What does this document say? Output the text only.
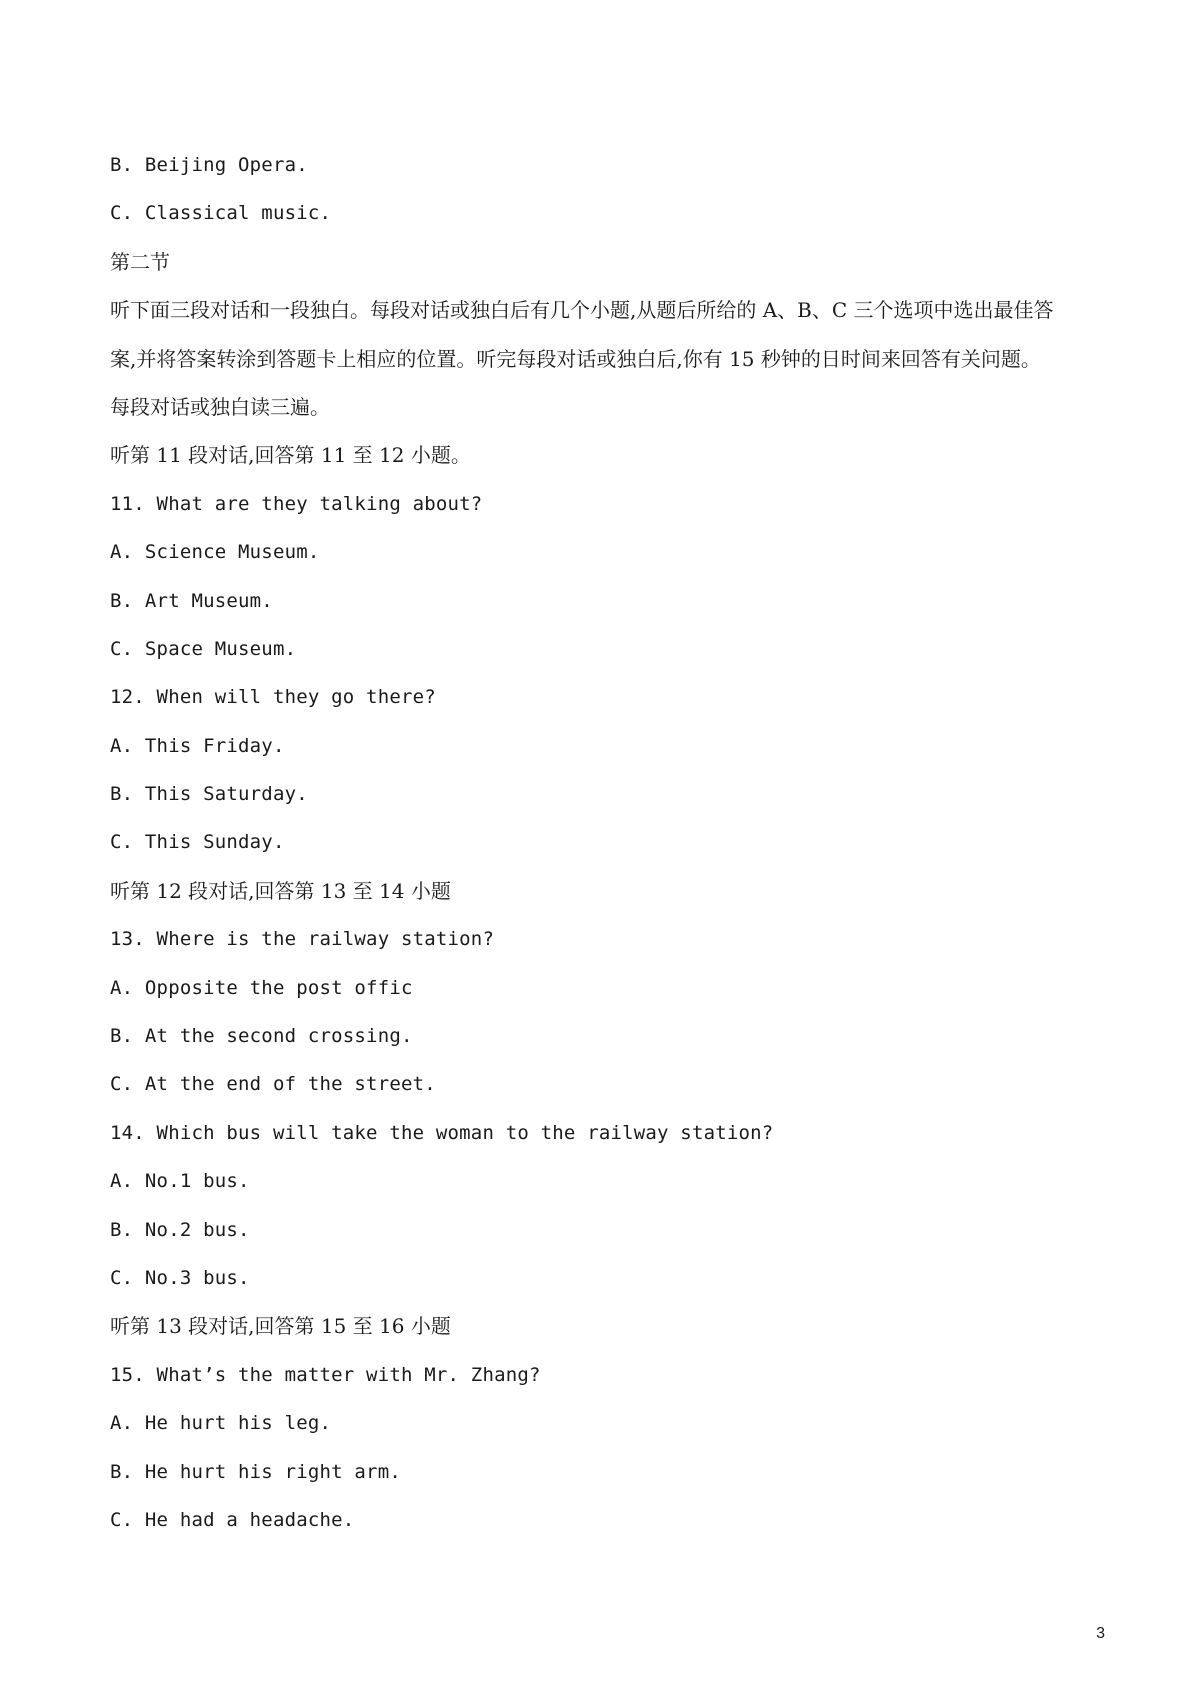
B. Beijing Opera.
C. Classical music.
第二节
听下面三段对话和一段独白。每段对话或独白后有几个小题,从题后所给的 A、B、C 三个选项中选出最佳答
案,并将答案转涂到答题卡上相应的位置。听完每段对话或独白后,你有 15 秒钟的日时间来回答有关问题。
每段对话或独白读三遍。
听第 11 段对话,回答第 11 至 12 小题。
11. What are they talking about?
A. Science Museum.
B. Art Museum.
C. Space Museum.
12. When will they go there?
A. This Friday.
B. This Saturday.
C. This Sunday.
听第 12 段对话,回答第 13 至 14 小题
13. Where is the railway station?
A. Opposite the post offic
B. At the second crossing.
C. At the end of the street.
14. Which bus will take the woman to the railway station?
A. No.1 bus.
B. No.2 bus.
C. No.3 bus.
听第 13 段对话,回答第 15 至 16 小题
15. What’s the matter with Mr. Zhang?
A. He hurt his leg.
B. He hurt his right arm.
C. He had a headache.
3
